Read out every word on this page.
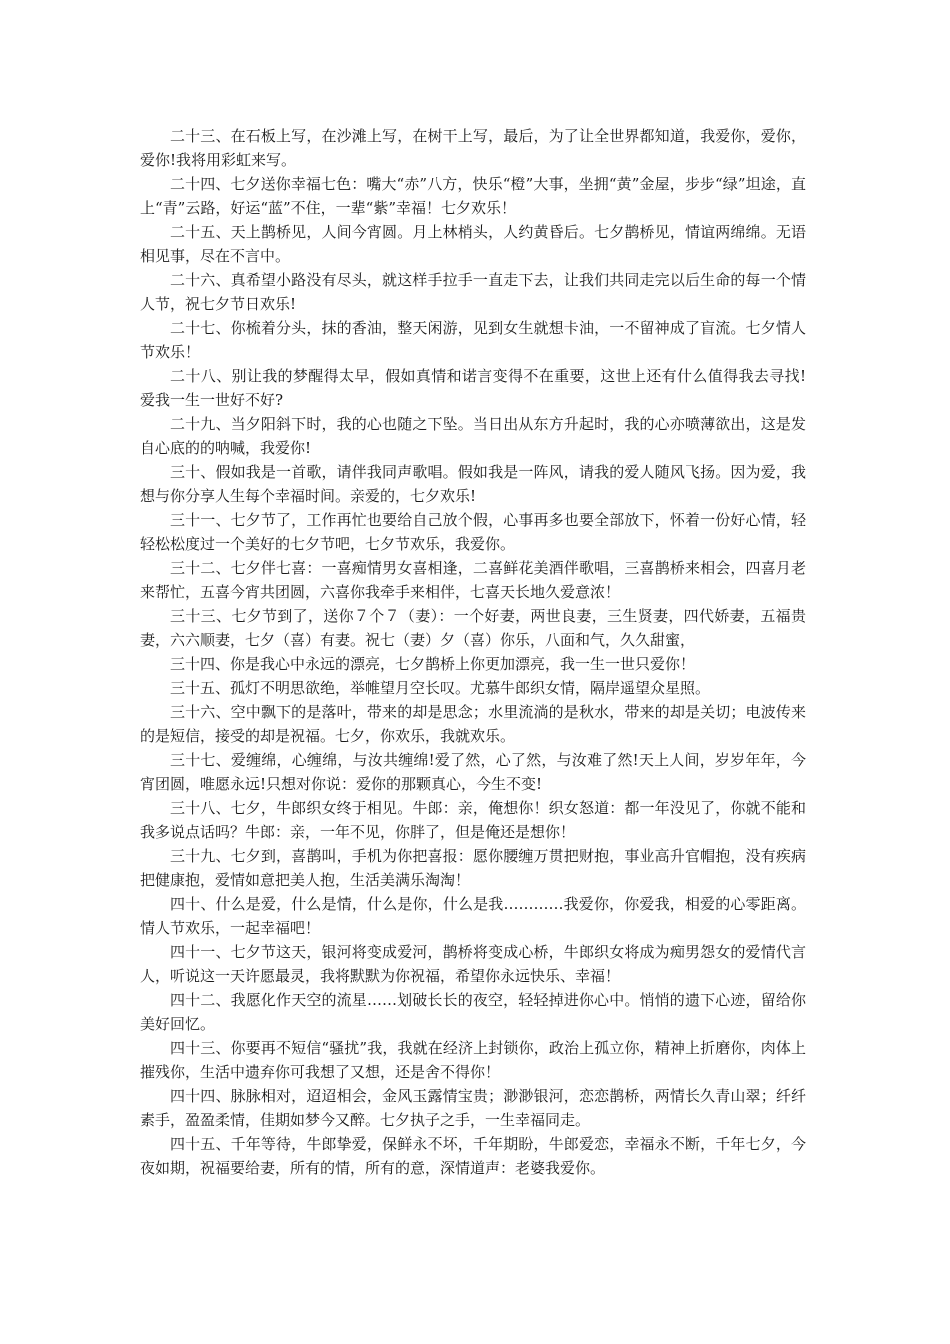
二十三、在石板上写，在沙滩上写，在树干上写，最后，为了让全世界都知道，我爱你，爱你，爱你!我将用彩虹来写。

二十四、七夕送你幸福七色：嘴大“赤”八方，快乐“橙”大事，坐拥“黄”金屋，步步“绿”坦途，直上“青”云路，好运“蓝”不住，一辈“紫”幸福！七夕欢乐！

二十五、天上鹊桥见，人间今宵圆。月上林梢头，人约黄昏后。七夕鹊桥见，情谊两绵绵。无语相见事，尽在不言中。

二十六、真希望小路没有尽头，就这样手拉手一直走下去，让我们共同走完以后生命的每一个情人节，祝七夕节日欢乐!

二十七、你梳着分头，抹的香油，整天闲游，见到女生就想卡油，一不留神成了盲流。七夕情人节欢乐！

二十八、别让我的梦醒得太早，假如真情和诺言变得不在重要，这世上还有什么值得我去寻找!爱我一生一世好不好?

二十九、当夕阳斜下时，我的心也随之下坠。当日出从东方升起时，我的心亦喷薄欲出，这是发自心底的的呐喊，我爱你!

三十、假如我是一首歌，请伴我同声歌唱。假如我是一阵风，请我的爱人随风飞扬。因为爱，我想与你分享人生每个幸福时间。亲爱的，七夕欢乐!

三十一、七夕节了，工作再忙也要给自己放个假，心事再多也要全部放下，怀着一份好心情，轻轻松松度过一个美好的七夕节吧，七夕节欢乐，我爱你。

三十二、七夕伴七喜：一喜痴情男女喜相逢，二喜鲜花美酒伴歌唱，三喜鹊桥来相会，四喜月老来帮忙，五喜今宵共团圆，六喜你我牵手来相伴，七喜天长地久爱意浓！

三十三、七夕节到了，送你７个７（妻）：一个好妻，两世良妻，三生贤妻，四代娇妻，五福贵妻，六六顺妻，七夕（喜）有妻。祝七（妻）夕（喜）你乐，八面和气，久久甜蜜，

三十四、你是我心中永远的漂亮，七夕鹊桥上你更加漂亮，我一生一世只爱你！

三十五、孤灯不明思欲绝，举帷望月空长叹。尤慕牛郎织女情，隔岸遥望众星照。

三十六、空中飘下的是落叶，带来的却是思念；水里流淌的是秋水，带来的却是关切；电波传来的是短信，接受的却是祝福。七夕，你欢乐，我就欢乐。

三十七、爱缠绵，心缠绵，与汝共缠绵!爱了然，心了然，与汝难了然!天上人间，岁岁年年，今宵团圆，唯愿永远!只想对你说：爱你的那颗真心，今生不变!

三十八、七夕，牛郎织女终于相见。牛郎：亲，俺想你！织女怒道：都一年没见了，你就不能和我多说点话吗？牛郎：亲，一年不见，你胖了，但是俺还是想你！

三十九、七夕到，喜鹊叫，手机为你把喜报：愿你腰缠万贯把财抱，事业高升官帽抱，没有疾病把健康抱，爱情如意把美人抱，生活美满乐淘淘！

四十、什么是爱，什么是情，什么是你，什么是我…………我爱你，你爱我，相爱的心零距离。情人节欢乐，一起幸福吧！

四十一、七夕节这天，银河将变成爱河，鹊桥将变成心桥，牛郎织女将成为痴男怨女的爱情代言人，听说这一天许愿最灵，我将默默为你祝福，希望你永远快乐、幸福！

四十二、我愿化作天空的流星……划破长长的夜空，轻轻掉进你心中。悄悄的遗下心迹，留给你美好回忆。

四十三、你要再不短信“骚扰”我，我就在经济上封锁你，政治上孤立你，精神上折磨你，肉体上摧残你，生活中遗弃你可我想了又想，还是舍不得你！

四十四、脉脉相对，迢迢相会，金风玉露情宝贵；渺渺银河，恋恋鹊桥，两情长久青山翠；纤纤素手，盈盈柔情，佳期如梦今又醉。七夕执子之手，一生幸福同走。

四十五、千年等待，牛郎挚爱，保鲜永不坏，千年期盼，牛郎爱恋，幸福永不断，千年七夕，今夜如期，祝福要给妻，所有的情，所有的意，深情道声：老婆我爱你。
